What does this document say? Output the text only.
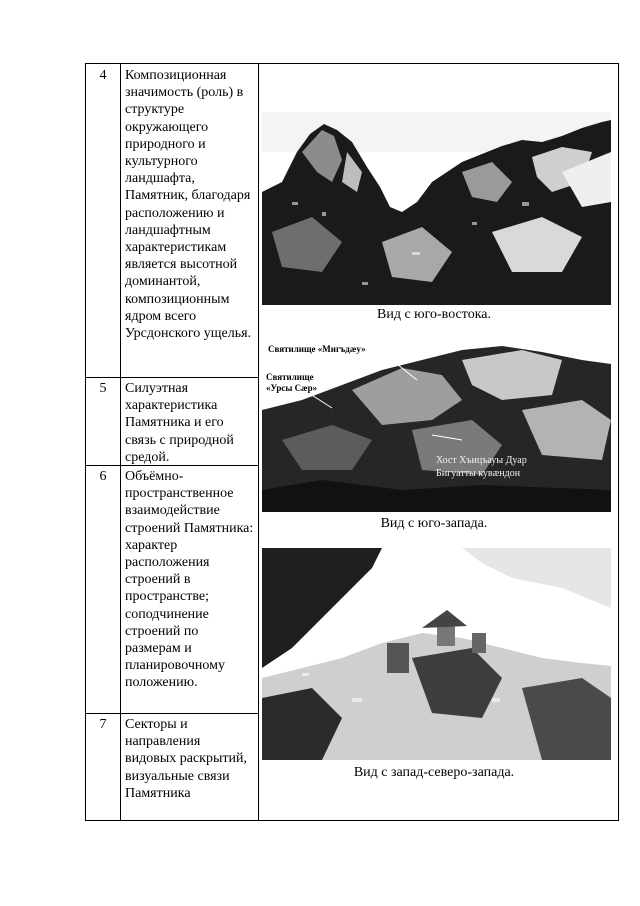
4	Композиционная значимость (роль) в структуре окружающего природного и культурного ландшафта, Памятник, благодаря расположению и ландшафтным характеристикам является высотной доминантой, композиционным ядром всего Урсдонского ущелья.
5	Силуэтная характеристика Памятника и его связь с природной средой.
6	Объёмно-пространственное взаимодействие строений Памятника: характер расположения строений в пространстве; соподчинение строений по размерам и планировочному положению.
7	Секторы и направления видовых раскрытий, визуальные связи Памятника
Вид с юго-востока.
Святилище «Мигъдæу»
Святилище
«Урсы Сæр»
Хост Хъицъауы Дуар
Бигуатты кувæндон
Вид с юго-запада.
Вид с запад-северо-запада.
